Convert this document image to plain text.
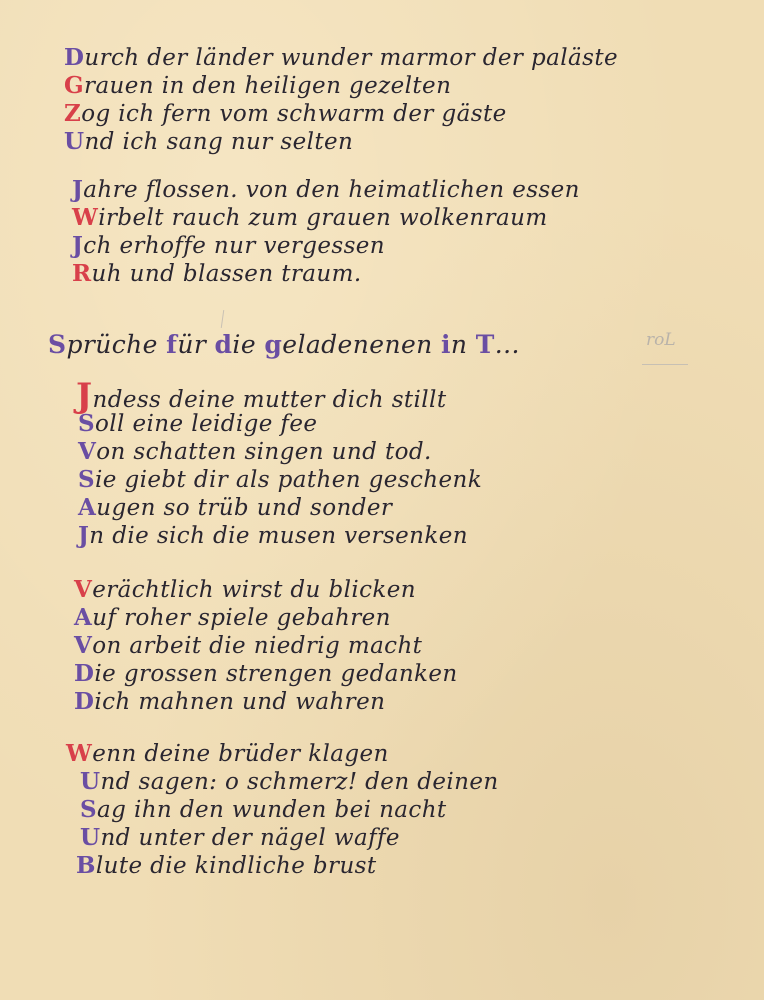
Durch der länder wunder marmor der paläste
Grauen in den heiligen gezelten
Zog ich fern vom schwarm der gäste
Und ich sang nur selten
Jahre flossen. von den heimatlichen essen
Wirbelt rauch zum grauen wolkenraum
Jch erhoffe nur vergessen
Ruh und blassen traum.
Sprüche für die geladenenen in T...	roL
Jndess deine mutter dich stillt
Soll eine leidige fee
Von schatten singen und tod.
Sie giebt dir als pathen geschenk
Augen so trüb und sonder
Jn die sich die musen versenken
Verächtlich wirst du blicken
Auf roher spiele gebahren
Von arbeit die niedrig macht
Die grossen strengen gedanken
Dich mahnen und wahren
Wenn deine brüder klagen
Und sagen: o schmerz! den deinen
Sag ihn den wunden bei nacht
Und unter der nägel waffe
Blute die kindliche brust
